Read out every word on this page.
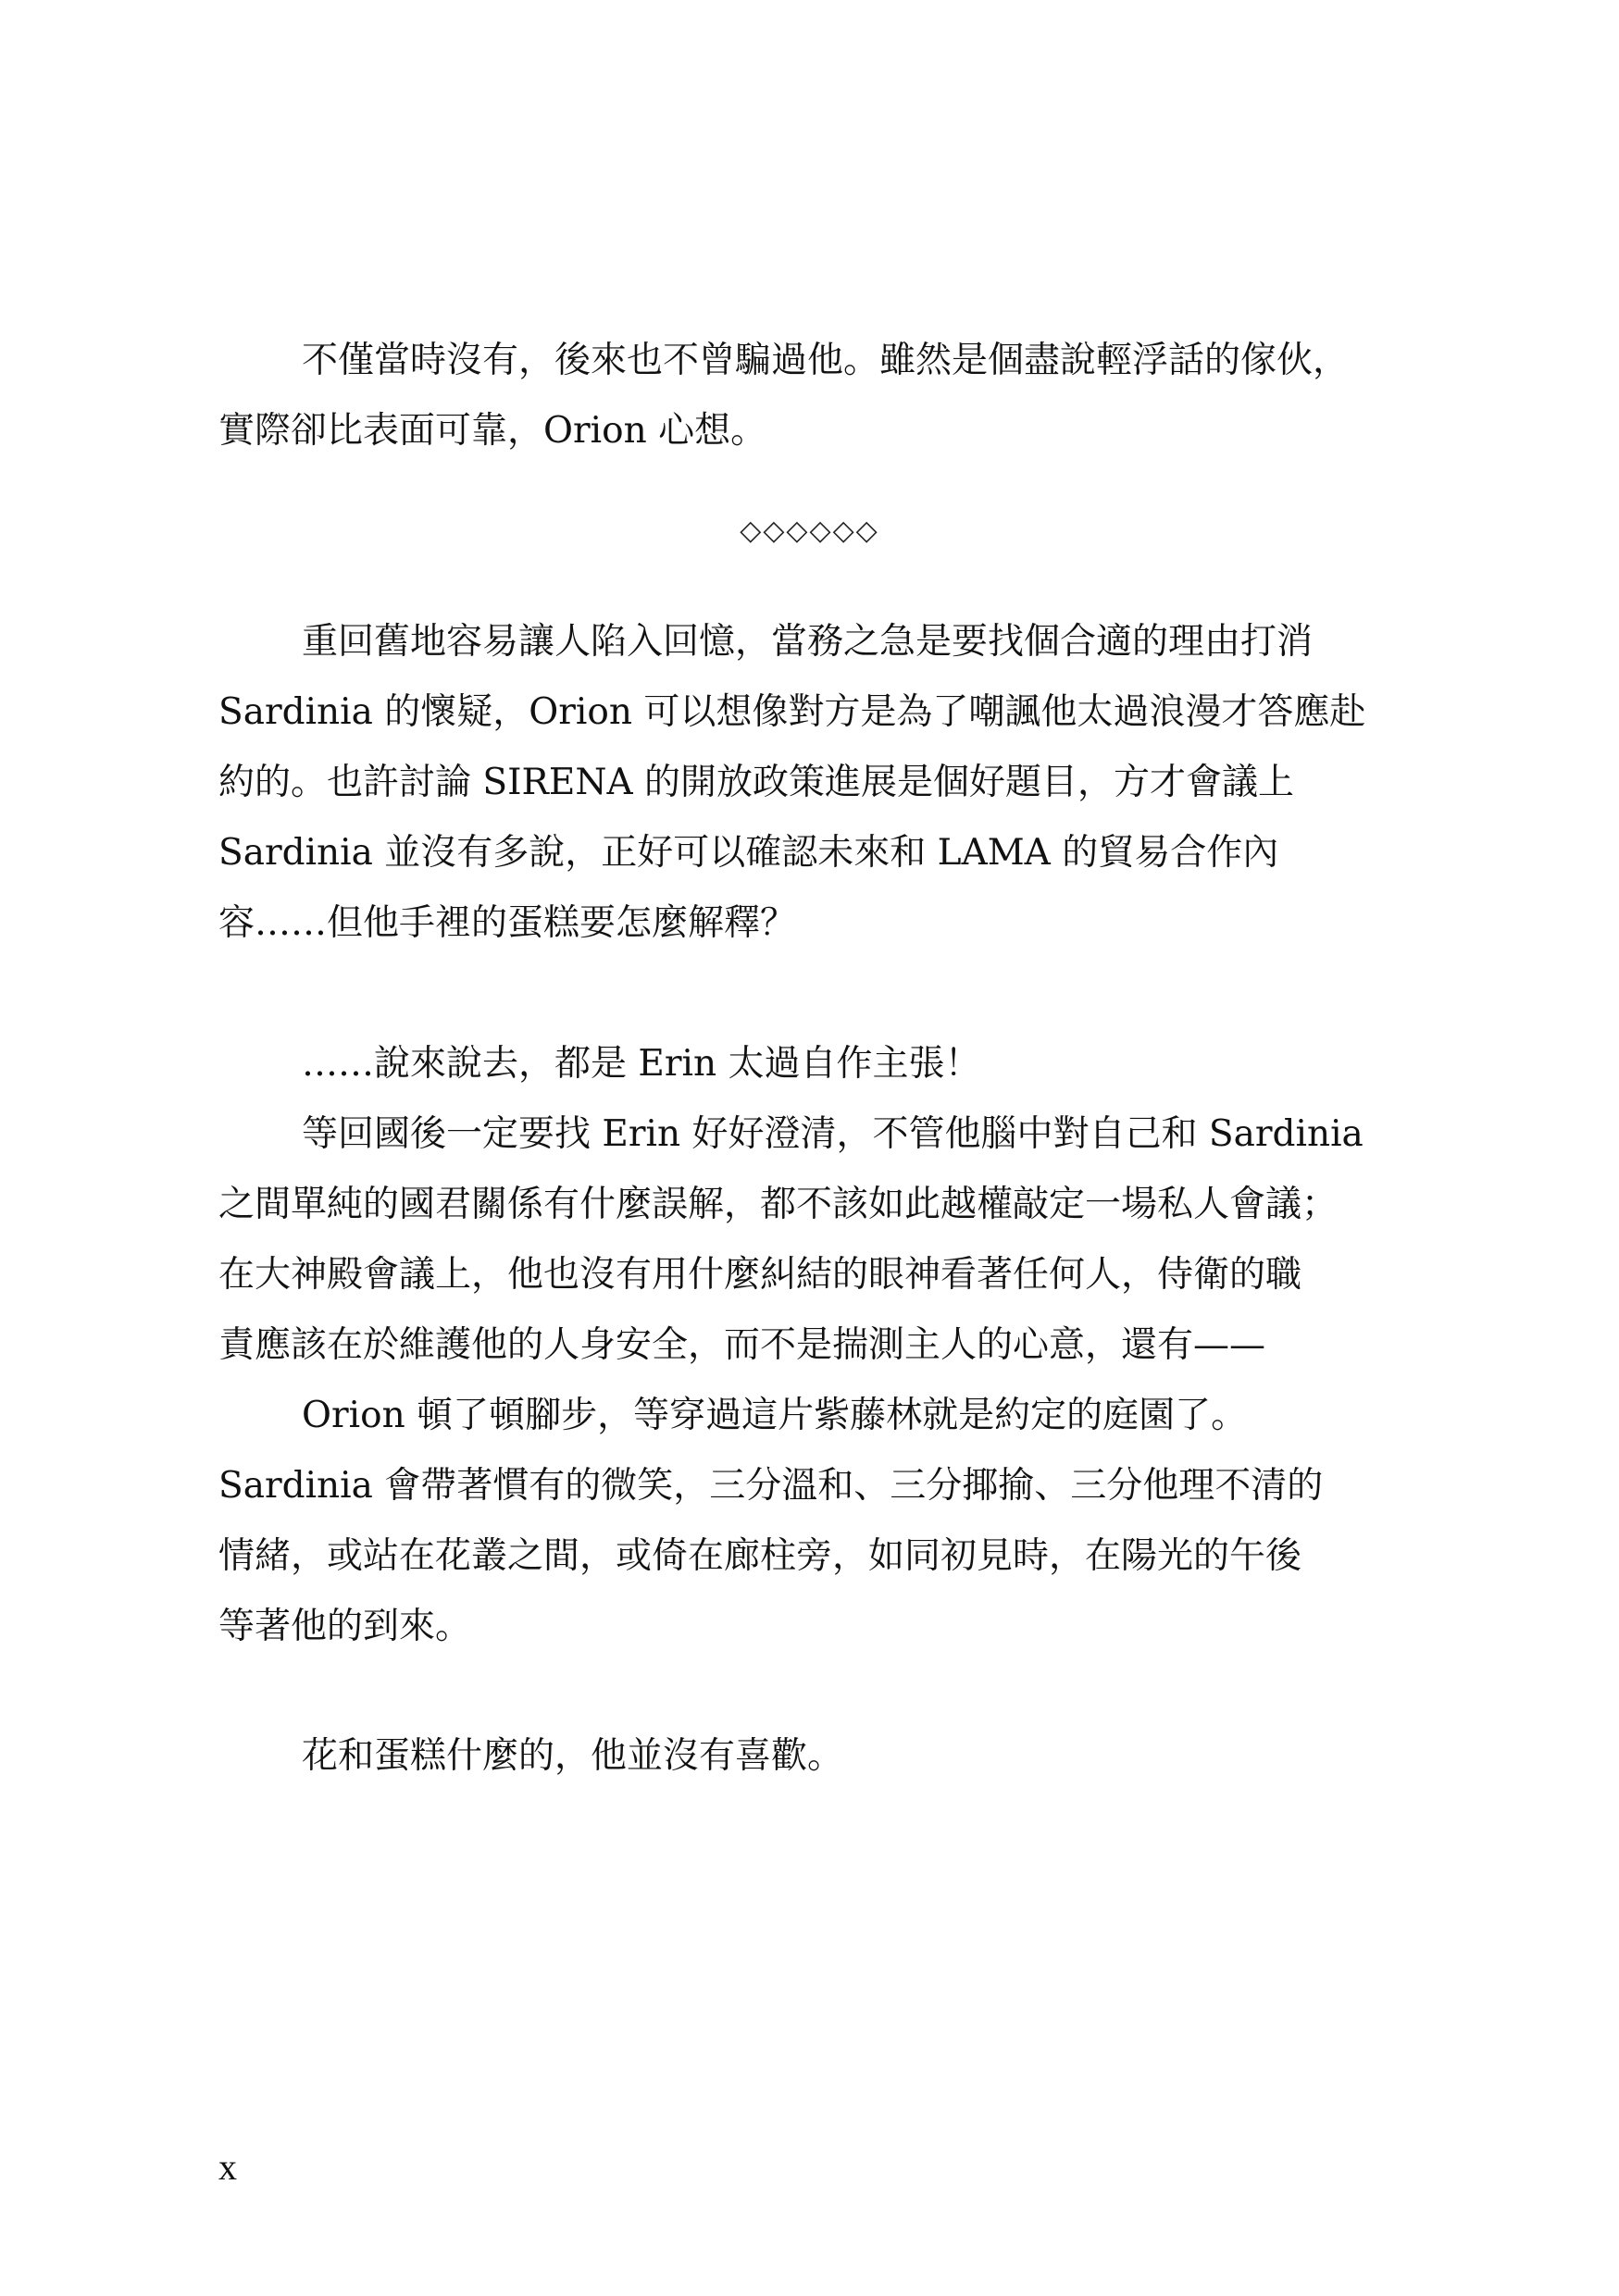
不僅當時沒有，後來也不曾騙過他。雖然是個盡說輕浮話的傢伙，
實際卻比表面可靠，Orion 心想。
◇◇◇◇◇◇
重回舊地容易讓人陷入回憶，當務之急是要找個合適的理由打消
Sardinia 的懷疑，Orion 可以想像對方是為了嘲諷他太過浪漫才答應赴
約的。也許討論 SIRENA 的開放政策進展是個好題目，方才會議上
Sardinia 並沒有多說，正好可以確認未來和 LAMA 的貿易合作內
容……但他手裡的蛋糕要怎麼解釋？
……說來說去，都是 Erin 太過自作主張！
等回國後一定要找 Erin 好好澄清，不管他腦中對自己和 Sardinia
之間單純的國君關係有什麼誤解，都不該如此越權敲定一場私人會議；
在大神殿會議上，他也沒有用什麼糾結的眼神看著任何人，侍衛的職
責應該在於維護他的人身安全，而不是揣測主人的心意，還有——
Orion 頓了頓腳步，等穿過這片紫藤林就是約定的庭園了。
Sardinia 會帶著慣有的微笑，三分溫和、三分揶揄、三分他理不清的
情緒，或站在花叢之間，或倚在廊柱旁，如同初見時，在陽光的午後
等著他的到來。
花和蛋糕什麼的，他並沒有喜歡。
x
